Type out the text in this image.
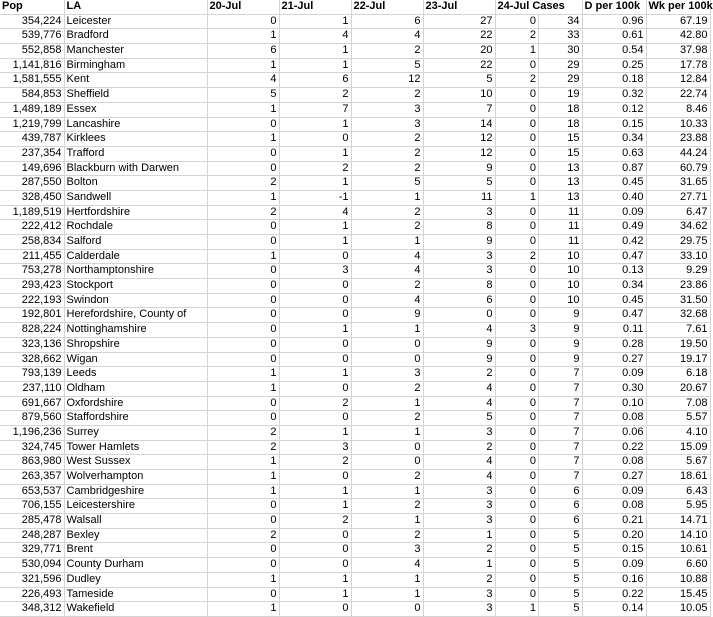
Pop	LA	20-Jul	21-Jul	22-Jul	23-Jul	24-Jul Cases		D per 100k	Wk per 100k
354,224	Leicester	0	1	6	27	0	34	0.96	67.19
539,776	Bradford	1	4	4	22	2	33	0.61	42.80
552,858	Manchester	6	1	2	20	1	30	0.54	37.98
1,141,816	Birmingham	1	1	5	22	0	29	0.25	17.78
1,581,555	Kent	4	6	12	5	2	29	0.18	12.84
584,853	Sheffield	5	2	2	10	0	19	0.32	22.74
1,489,189	Essex	1	7	3	7	0	18	0.12	8.46
1,219,799	Lancashire	0	1	3	14	0	18	0.15	10.33
439,787	Kirklees	1	0	2	12	0	15	0.34	23.88
237,354	Trafford	0	1	2	12	0	15	0.63	44.24
149,696	Blackburn with Darwen	0	2	2	9	0	13	0.87	60.79
287,550	Bolton	2	1	5	5	0	13	0.45	31.65
328,450	Sandwell	1	-1	1	11	1	13	0.40	27.71
1,189,519	Hertfordshire	2	4	2	3	0	11	0.09	6.47
222,412	Rochdale	0	1	2	8	0	11	0.49	34.62
258,834	Salford	0	1	1	9	0	11	0.42	29.75
211,455	Calderdale	1	0	4	3	2	10	0.47	33.10
753,278	Northamptonshire	0	3	4	3	0	10	0.13	9.29
293,423	Stockport	0	0	2	8	0	10	0.34	23.86
222,193	Swindon	0	0	4	6	0	10	0.45	31.50
192,801	Herefordshire, County of	0	0	9	0	0	9	0.47	32.68
828,224	Nottinghamshire	0	1	1	4	3	9	0.11	7.61
323,136	Shropshire	0	0	0	9	0	9	0.28	19.50
328,662	Wigan	0	0	0	9	0	9	0.27	19.17
793,139	Leeds	1	1	3	2	0	7	0.09	6.18
237,110	Oldham	1	0	2	4	0	7	0.30	20.67
691,667	Oxfordshire	0	2	1	4	0	7	0.10	7.08
879,560	Staffordshire	0	0	2	5	0	7	0.08	5.57
1,196,236	Surrey	2	1	1	3	0	7	0.06	4.10
324,745	Tower Hamlets	2	3	0	2	0	7	0.22	15.09
863,980	West Sussex	1	2	0	4	0	7	0.08	5.67
263,357	Wolverhampton	1	0	2	4	0	7	0.27	18.61
653,537	Cambridgeshire	1	1	1	3	0	6	0.09	6.43
706,155	Leicestershire	0	1	2	3	0	6	0.08	5.95
285,478	Walsall	0	2	1	3	0	6	0.21	14.71
248,287	Bexley	2	0	2	1	0	5	0.20	14.10
329,771	Brent	0	0	3	2	0	5	0.15	10.61
530,094	County Durham	0	0	4	1	0	5	0.09	6.60
321,596	Dudley	1	1	1	2	0	5	0.16	10.88
226,493	Tameside	0	1	1	3	0	5	0.22	15.45
348,312	Wakefield	1	0	0	3	1	5	0.14	10.05
